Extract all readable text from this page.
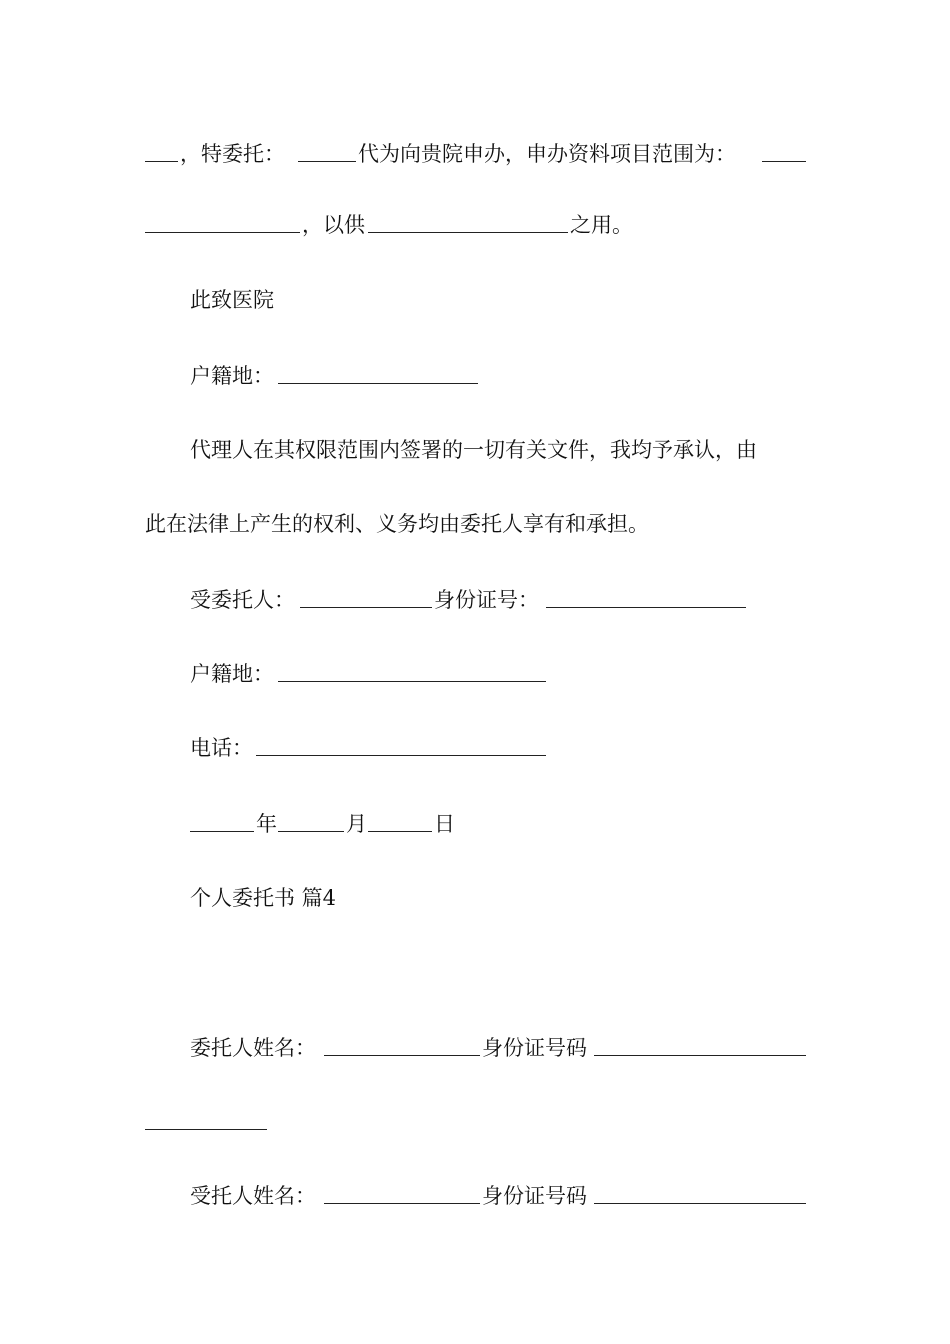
，特委托：	代为向贵院申办，申办资料项目范围为：
，以供	之用。
此致医院
户籍地：
代理人在其权限范围内签署的一切有关文件，我均予承认，由
此在法律上产生的权利、义务均由委托人享有和承担。
受委托人：	身份证号：
户籍地：
电话：
年	月	日
个人委托书 篇4
委托人姓名：	身份证号码
受托人姓名：	身份证号码
